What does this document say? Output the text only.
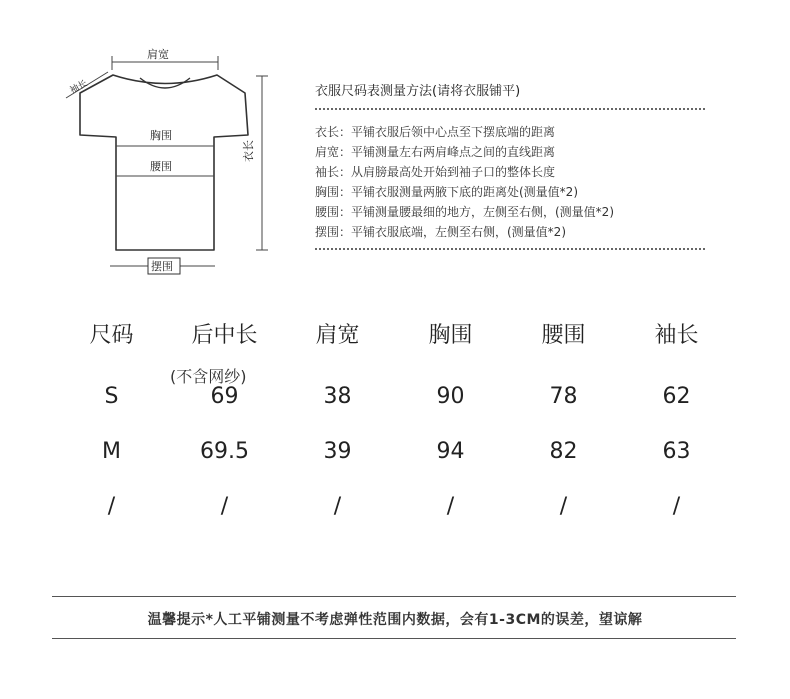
肩宽
袖长
胸围
腰围
衣长
摆围
衣服尺码表测量方法(请将衣服铺平)
衣长：平铺衣服后领中心点至下摆底端的距离
肩宽：平铺测量左右两肩峰点之间的直线距离
袖长：从肩膀最高处开始到袖子口的整体长度
胸围：平铺衣服测量两腋下底的距离处(测量值*2)
腰围：平铺测量腰最细的地方，左侧至右侧，(测量值*2)
摆围：平铺衣服底端，左侧至右侧，(测量值*2)
尺码	后中长	肩宽	胸围	腰围	袖长
S	69	38	90	78	62
M	69.5	39	94	82	63
/	/	/	/	/	/
(不含网纱)
温馨提示*人工平铺测量不考虑弹性范围内数据，会有1-3CM的误差，望谅解
